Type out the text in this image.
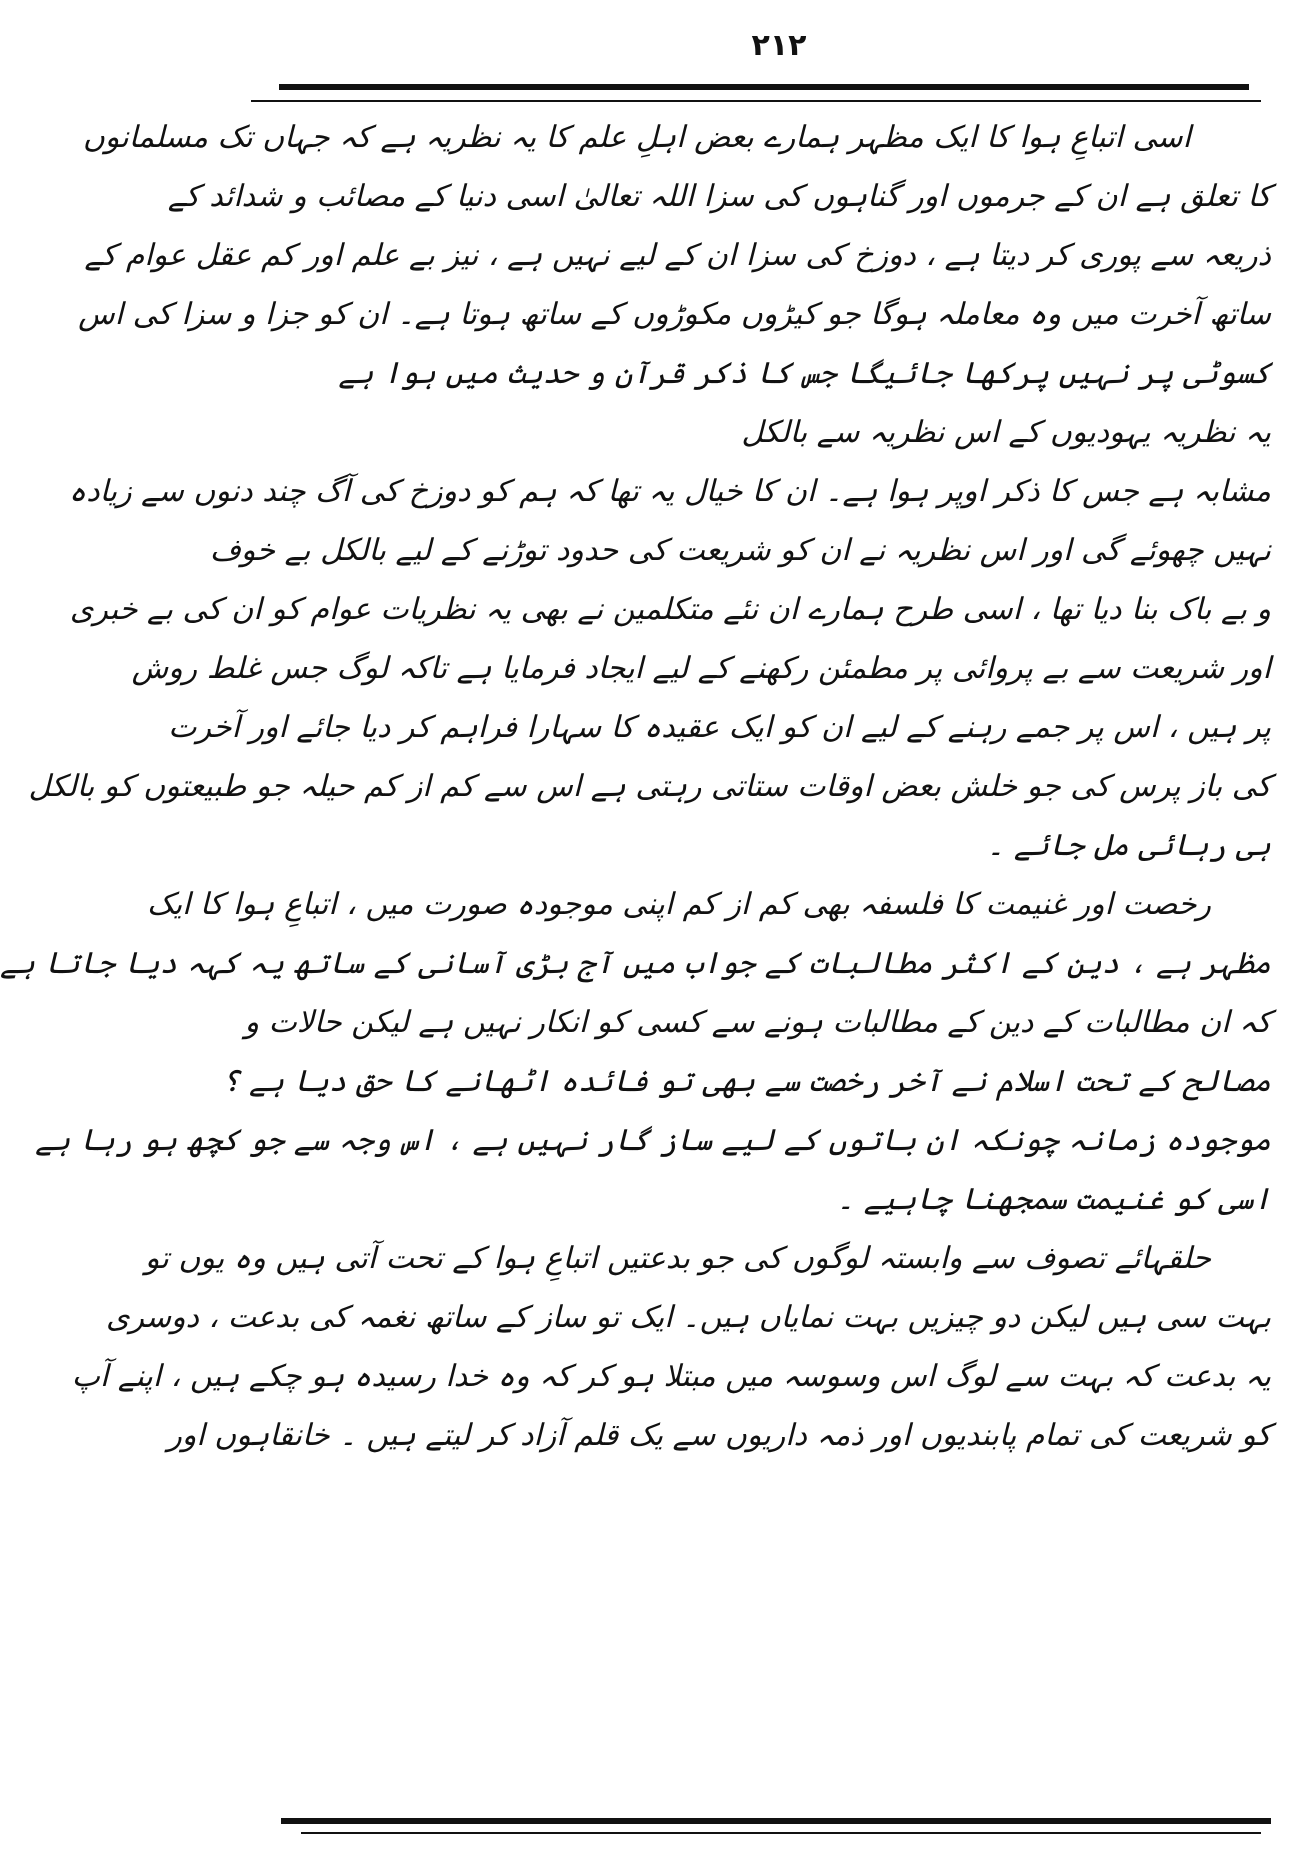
۲۱۲
اسی اتباعِ ہوا کا ایک مظہر ہمارے بعض اہلِ علم کا یہ نظریہ ہے کہ جہاں تک مسلمانوں
کا تعلق ہے ان کے جرموں اور گناہوں کی سزا اللہ تعالیٰ اسی دنیا کے مصائب و شدائد کے
ذریعہ سے پوری کر دیتا ہے ، دوزخ کی سزا ان کے لیے نہیں ہے ، نیز بے علم اور کم عقل عوام کے
ساتھ آخرت میں وہ معاملہ ہوگا جو کیڑوں مکوڑوں کے ساتھ ہوتا ہے۔ ان کو جزا و سزا کی اس
کسوٹی پر نہیں پرکھا جائیگا جس کا ذکر قرآن و حدیث میں ہوا ہے
یہ نظریہ یہودیوں کے اس نظریہ سے بالکل
مشابہ ہے جس کا ذکر اوپر ہوا ہے۔ ان کا خیال یہ تھا کہ ہم کو دوزخ کی آگ چند دنوں سے زیادہ
نہیں چھوئے گی اور اس نظریہ نے ان کو شریعت کی حدود توڑنے کے لیے بالکل بے خوف
و بے باک بنا دیا تھا ، اسی طرح ہمارے ان نئے متکلمین نے بھی یہ نظریات عوام کو ان کی بے خبری
اور شریعت سے بے پروائی پر مطمئن رکھنے کے لیے ایجاد فرمایا ہے تاکہ لوگ جس غلط روش
پر ہیں ، اس پر جمے رہنے کے لیے ان کو ایک عقیدہ کا سہارا فراہم کر دیا جائے اور آخرت
کی باز پرس کی جو خلش بعض اوقات ستاتی رہتی ہے اس سے کم از کم حیلہ جو طبیعتوں کو بالکل
ہی رہائی مل جائے ۔
رخصت اور غنیمت کا فلسفہ بھی کم از کم اپنی موجودہ صورت میں ، اتباعِ ہوا کا ایک
مظہر ہے ، دین کے اکثر مطالبات کے جواب میں آج بڑی آسانی کے ساتھ یہ کہہ دیا جاتا ہے
کہ ان مطالبات کے دین کے مطالبات ہونے سے کسی کو انکار نہیں ہے لیکن حالات و
مصالح کے تحت اسلام نے آخر رخصت سے بھی تو فائدہ اٹھانے کا حق دیا ہے ؟
موجودہ زمانہ چونکہ ان باتوں کے لیے ساز گار نہیں ہے ، اس وجہ سے جو کچھ ہو رہا ہے
اسی کو غنیمت سمجھنا چاہیے ۔
حلقہائے تصوف سے وابستہ لوگوں کی جو بدعتیں اتباعِ ہوا کے تحت آتی ہیں وہ یوں تو
بہت سی ہیں لیکن دو چیزیں بہت نمایاں ہیں۔ ایک تو ساز کے ساتھ نغمہ کی بدعت ، دوسری
یہ بدعت کہ بہت سے لوگ اس وسوسہ میں مبتلا ہو کر کہ وہ خدا رسیدہ ہو چکے ہیں ، اپنے آپ
کو شریعت کی تمام پابندیوں اور ذمہ داریوں سے یک قلم آزاد کر لیتے ہیں ۔ خانقاہوں اور
